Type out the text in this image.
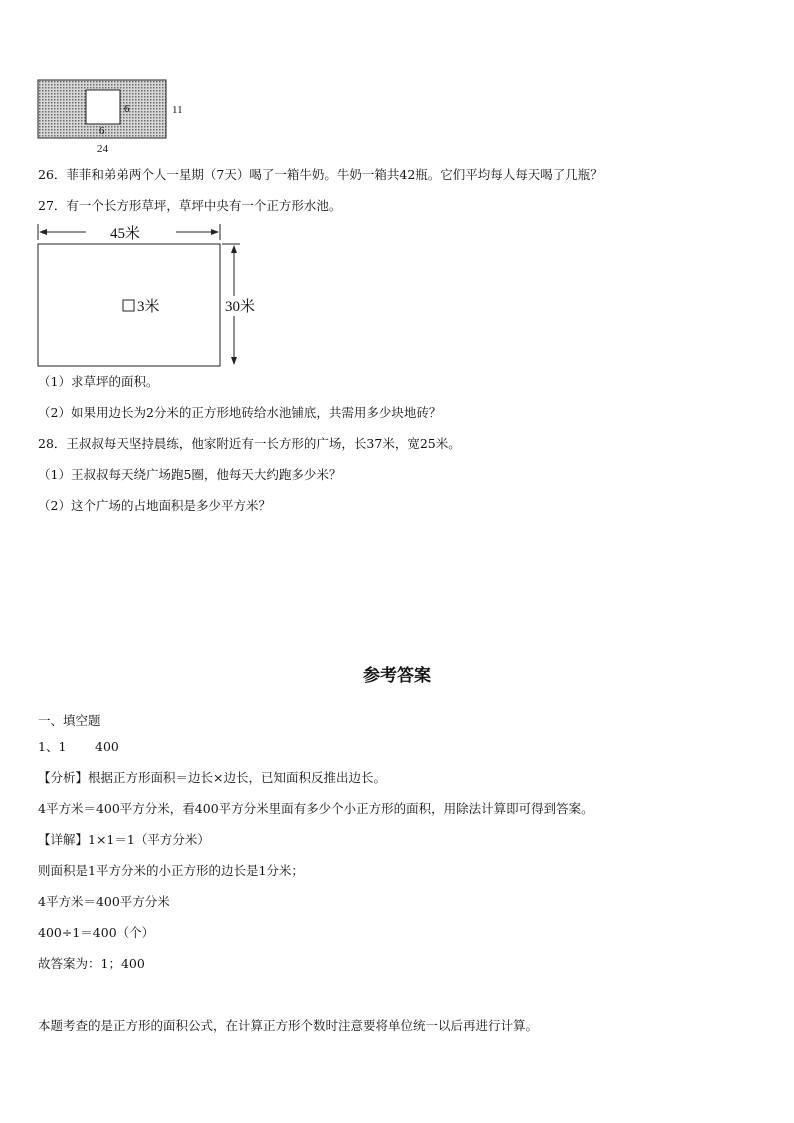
6
6
11
24
26．菲菲和弟弟两个人一星期（7天）喝了一箱牛奶。牛奶一箱共42瓶。它们平均每人每天喝了几瓶？
27．有一个长方形草坪，草坪中央有一个正方形水池。
45米
30米
3米
（1）求草坪的面积。
（2）如果用边长为2分米的正方形地砖给水池铺底，共需用多少块地砖？
28．王叔叔每天坚持晨练，他家附近有一长方形的广场，长37米，宽25米。
（1）王叔叔每天绕广场跑5圈，他每天大约跑多少米？
（2）这个广场的占地面积是多少平方米？
参考答案
一、填空题
1、1 400
【分析】根据正方形面积＝边长×边长，已知面积反推出边长。
4平方米＝400平方分米，看400平方分米里面有多少个小正方形的面积，用除法计算即可得到答案。
【详解】1×1＝1（平方分米）
则面积是1平方分米的小正方形的边长是1分米；
4平方米＝400平方分米
400÷1＝400（个）
故答案为：1；400
本题考查的是正方形的面积公式，在计算正方形个数时注意要将单位统一以后再进行计算。
